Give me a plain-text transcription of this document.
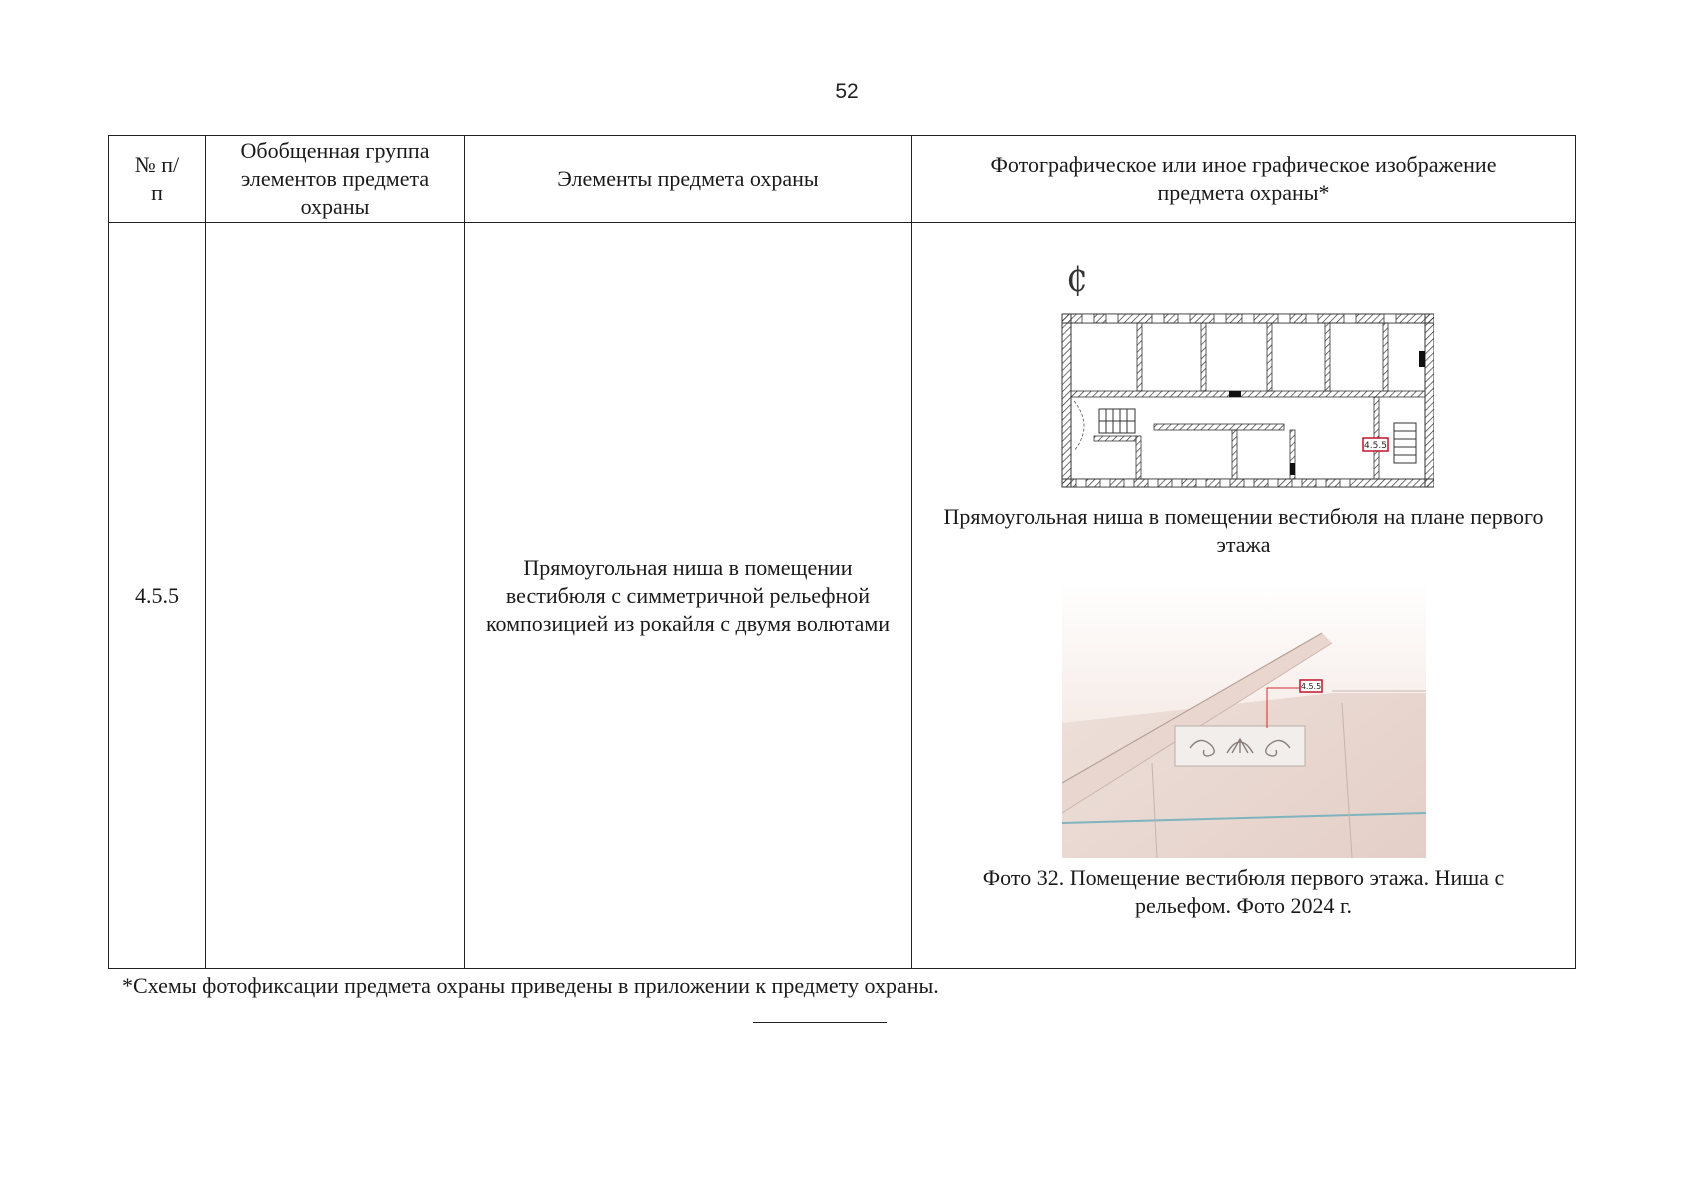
52
№ п/п	Обобщенная группа элементов предмета охраны	Элементы предмета охраны	Фотографическое или иное графическое изображение предмета охраны*

4.5.5		Прямоугольная ниша в помещении вестибюля с симметричной рельефной композицией из рокайля с двумя волютами	₵
4.5.5
Прямоугольная ниша в помещении вестибюля на плане первого этажа
4.5.5
Фото 32. Помещение вестибюля первого этажа. Ниша с рельефом. Фото 2024 г.
*Схемы фотофиксации предмета охраны приведены в приложении к предмету охраны.
